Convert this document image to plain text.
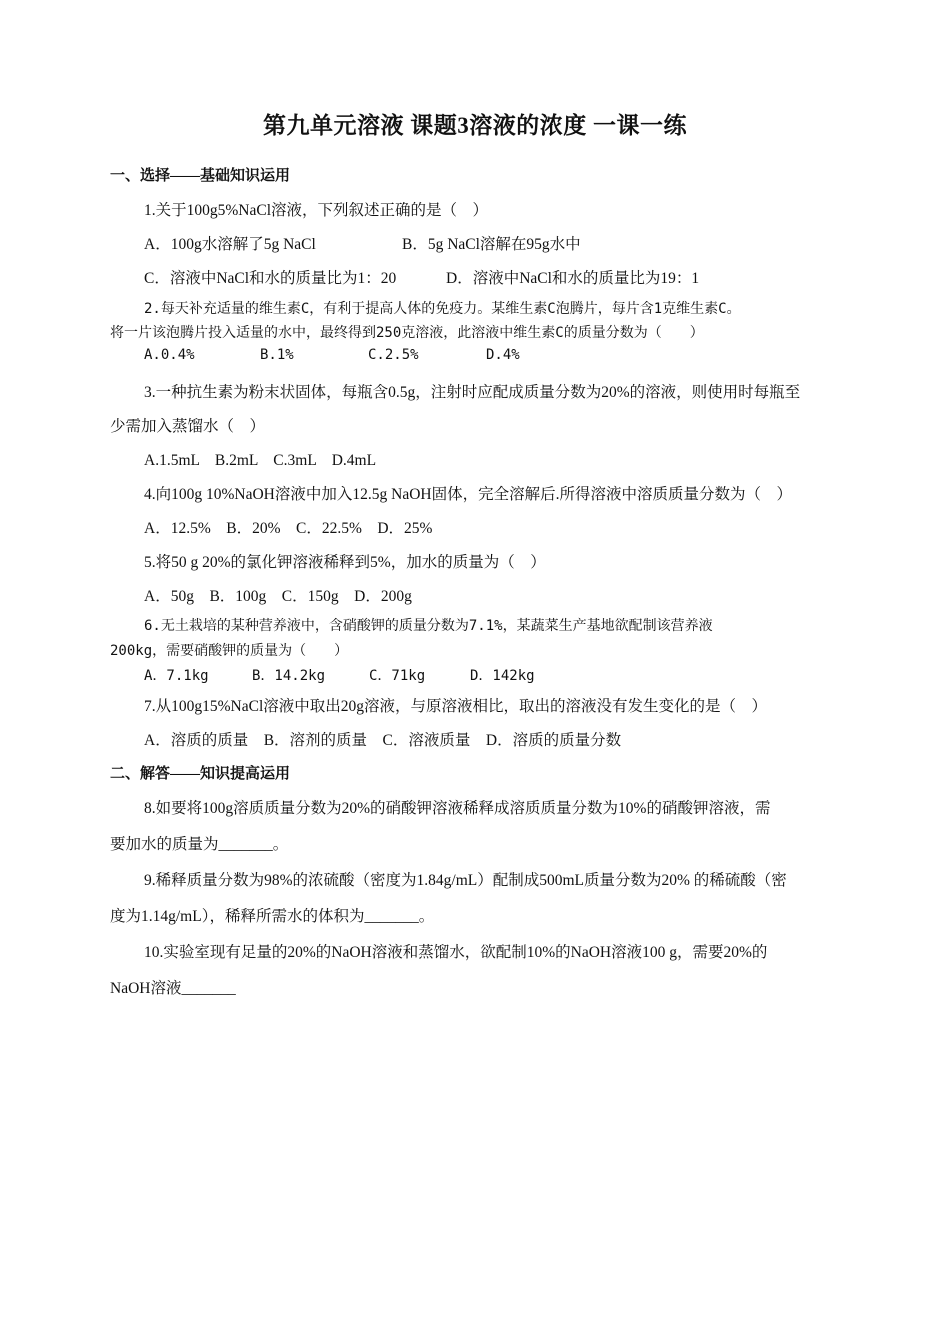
第九单元溶液 课题3溶液的浓度 一课一练
一、选择——基础知识运用
1.关于100g5%NaCl溶液，下列叙述正确的是（　）
A．100g水溶解了5g NaCl	B．5g NaCl溶解在95g水中
C．溶液中NaCl和水的质量比为1：20	D．溶液中NaCl和水的质量比为19：1
2.每天补充适量的维生素C，有利于提高人体的免疫力。某维生素C泡腾片，每片含1克维生素C。
将一片该泡腾片投入适量的水中，最终得到250克溶液，此溶液中维生素C的质量分数为（　　）
A.0.4%	B.1%	C.2.5%	D.4%
3.一种抗生素为粉末状固体，每瓶含0.5g，注射时应配成质量分数为20%的溶液，则使用时每瓶至
少需加入蒸馏水（　）
A.1.5mL　B.2mL　C.3mL　D.4mL
4.向100g 10%NaOH溶液中加入12.5g NaOH固体，完全溶解后.所得溶液中溶质质量分数为（　）
A．12.5%　B．20%　C．22.5%　D．25%
5.将50 g 20%的氯化钾溶液稀释到5%，加水的质量为（　）
A．50g　B．100g　C．150g　D．200g
6.无土栽培的某种营养液中，含硝酸钾的质量分数为7.1%，某蔬菜生产基地欲配制该营养液
200kg，需要硝酸钾的质量为（　　）
A．7.1kg	B．14.2kg	C．71kg	D．142kg
7.从100g15%NaCl溶液中取出20g溶液，与原溶液相比，取出的溶液没有发生变化的是（　）
A．溶质的质量　B．溶剂的质量　C．溶液质量　D．溶质的质量分数
二、解答——知识提高运用
8.如要将100g溶质质量分数为20%的硝酸钾溶液稀释成溶质质量分数为10%的硝酸钾溶液，需
要加水的质量为_______。
9.稀释质量分数为98%的浓硫酸（密度为1.84g/mL）配制成500mL质量分数为20% 的稀硫酸（密
度为1.14g/mL），稀释所需水的体积为_______。
10.实验室现有足量的20%的NaOH溶液和蒸馏水，欲配制10%的NaOH溶液100 g，需要20%的
NaOH溶液_______
